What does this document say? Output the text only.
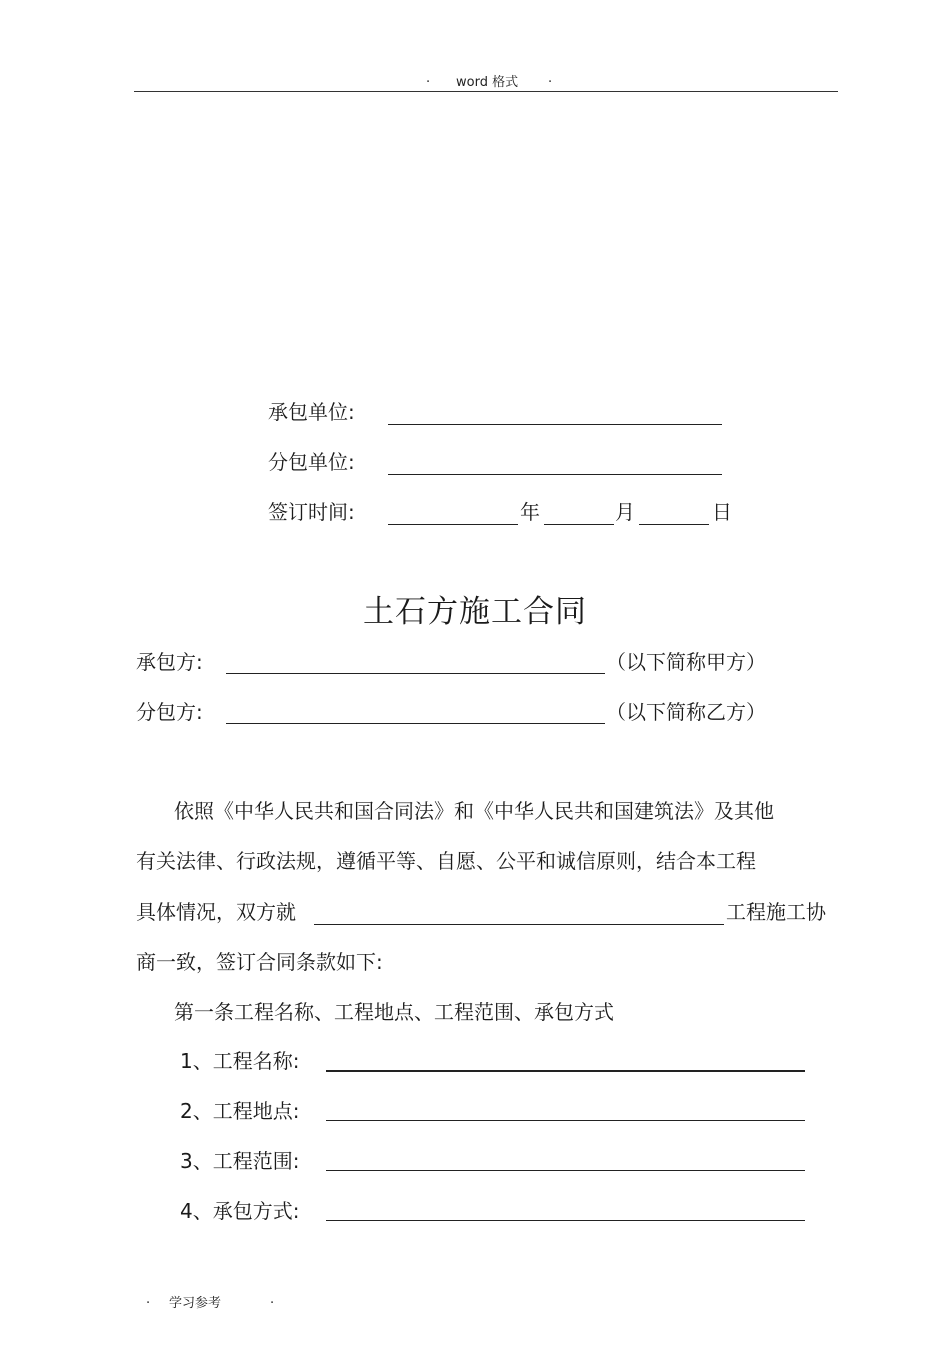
. word 格式 .
承包单位:
分包单位:
签订时间:	年	月	日
土石方施工合同
承包方:	（以下简称甲方）
分包方:	（以下简称乙方）
依照《中华人民共和国合同法》和《中华人民共和国建筑法》及其他
有关法律、行政法规，遵循平等、自愿、公平和诚信原则，结合本工程
具体情况，双方就	工程施工协
商一致，签订合同条款如下:
第一条工程名称、工程地点、工程范围、承包方式
1、工程名称:
2、工程地点:
3、工程范围:
4、承包方式:
. 学习参考	.
